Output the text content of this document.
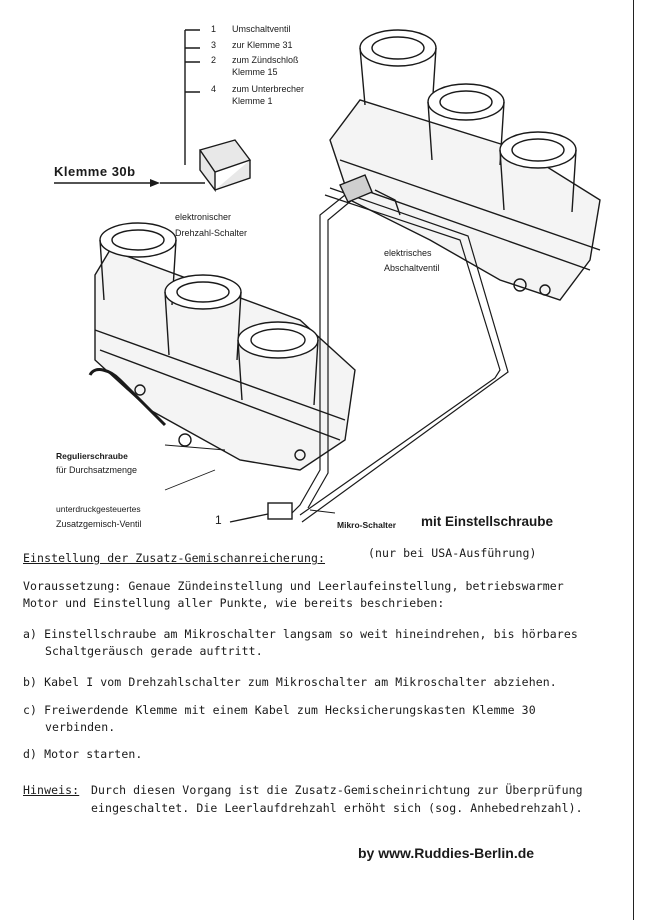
1 Umschaltventil
3 zur Klemme 31
2 zum Zündschloß
Klemme 15
4 zum Unterbrecher
Klemme 1
Klemme 30b
elektronischer
Drehzahl-Schalter
elektrisches
Abschaltventil
Regulierschraube
für Durchsatzmenge
unterdruckgesteuertes
Zusatzgemisch-Ventil	1	Mikro-Schalter mit Einstellschraube
Einstellung der Zusatz-Gemischanreicherung:	(nur bei USA-Ausführung)
Voraussetzung: Genaue Zündeinstellung und Leerlaufeinstellung, betriebswarmer
Motor und Einstellung aller Punkte, wie bereits beschrieben:
a) Einstellschraube am Mikroschalter langsam so weit hineindrehen, bis hörbares
Schaltgeräusch gerade auftritt.
b) Kabel I vom Drehzahlschalter zum Mikroschalter am Mikroschalter abziehen.
c) Freiwerdende Klemme mit einem Kabel zum Hecksicherungskasten Klemme 30
verbinden.
d) Motor starten.
Hinweis: Durch diesen Vorgang ist die Zusatz-Gemischeinrichtung zur Überprüfung
eingeschaltet. Die Leerlaufdrehzahl erhöht sich (sog. Anhebedrehzahl).
by www.Ruddies-Berlin.de
